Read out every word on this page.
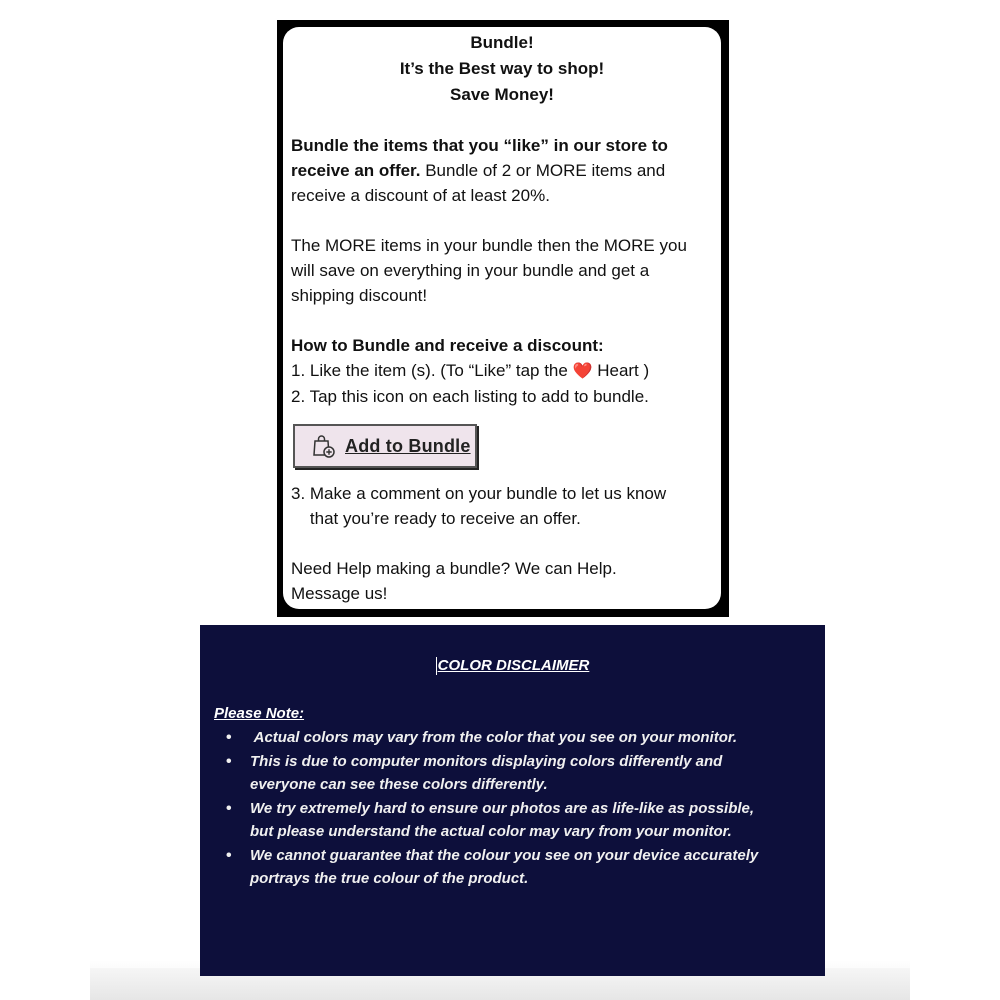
Bundle!
It’s the Best way to shop!
Save Money!
Bundle the items that you “like” in our store to
receive an offer. Bundle of 2 or MORE items and
receive a discount of at least 20%.
The MORE items in your bundle then the MORE you
will save on everything in your bundle and get a
shipping discount!
How to Bundle and receive a discount:
1. Like the item (s). (To “Like” tap the ❤️ Heart )
2. Tap this icon on each listing to add to bundle.
Add to Bundle
3. Make a comment on your bundle to let us know
that you’re ready to receive an offer.
Need Help making a bundle? We can Help.
Message us!
COLOR DISCLAIMER
Please Note:
• Actual colors may vary from the color that you see on your monitor.
• This is due to computer monitors displaying colors differently and
everyone can see these colors differently.
• We try extremely hard to ensure our photos are as life-like as possible,
but please understand the actual color may vary from your monitor.
• We cannot guarantee that the colour you see on your device accurately
portrays the true colour of the product.
